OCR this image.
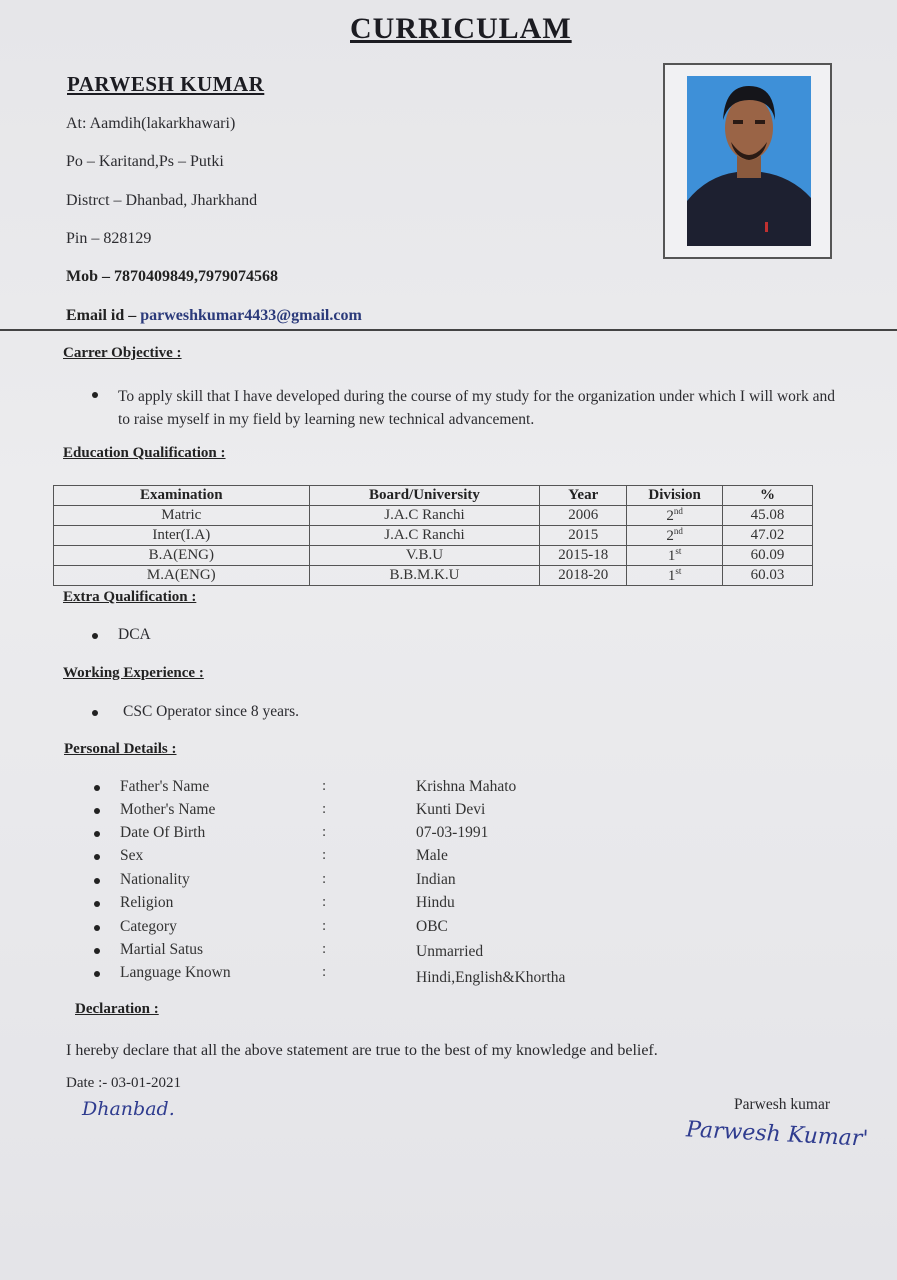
CURRICULAM
PARWESH KUMAR
At: Aamdih(lakarkhawari)
Po – Karitand,Ps – Putki
Distrct – Dhanbad, Jharkhand
Pin – 828129
Mob – 7870409849,7979074568
Email id – parweshkumar4433@gmail.com
Carrer Objective :
To apply skill that I have developed during the course of my study for the organization under which I will work and to raise myself in my field by learning new technical advancement.
Education Qualification :
Examination	Board/University	Year	Division	%
Matric	J.A.C Ranchi	2006	2nd	45.08
Inter(I.A)	J.A.C Ranchi	2015	2nd	47.02
B.A(ENG)	V.B.U	2015-18	1st	60.09
M.A(ENG)	B.B.M.K.U	2018-20	1st	60.03
Extra Qualification :
DCA
Working Experience :
CSC Operator since 8 years.
Personal Details :
Father's Name	:	Krishna Mahato
Mother's Name	:	Kunti Devi
Date Of Birth	:	07-03-1991
Sex	:	Male
Nationality	:	Indian
Religion	:	Hindu
Category	:	OBC
Martial Satus	:	Unmarried
Language Known	:	Hindi,English&Khortha
Declaration :
I hereby declare that all the above statement are true to the best of my knowledge and belief.
Date :- 03-01-2021
Dhanbad.	Parwesh kumar
Parwesh Kumar'
